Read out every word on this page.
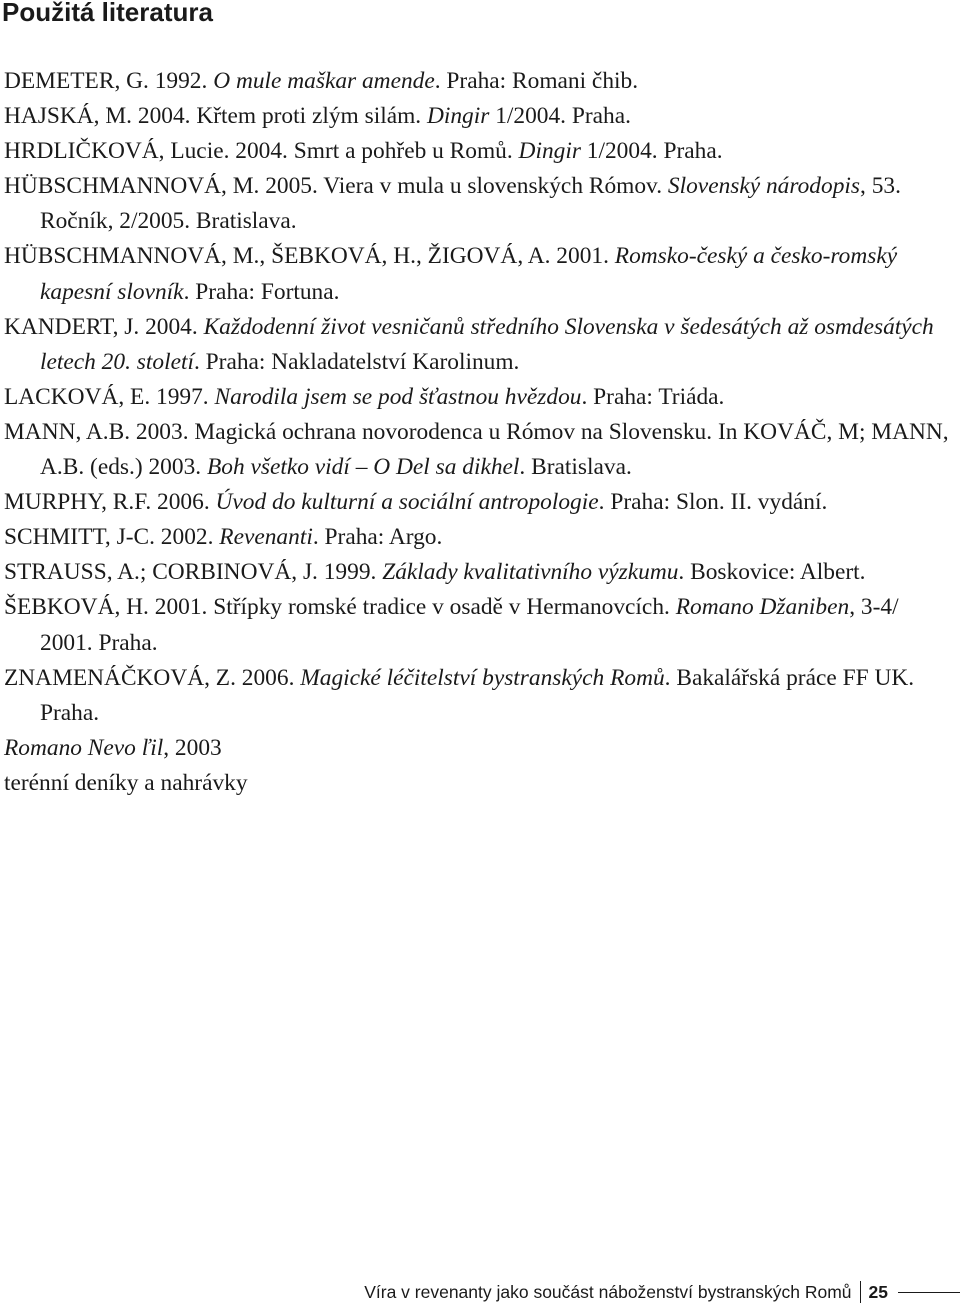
Použitá literatura

DEMETER, G. 1992. O mule maškar amende. Praha: Romani čhib.

HAJSKÁ, M. 2004. Křtem proti zlým silám. Dingir 1/2004. Praha.

HRDLIČKOVÁ, Lucie. 2004. Smrt a pohřeb u Romů. Dingir 1/2004. Praha.

HÜBSCHMANNOVÁ, M. 2005. Viera v mula u slovenských Rómov. Slovenský národopis, 53. Ročník, 2/2005. Bratislava.

HÜBSCHMANNOVÁ, M., ŠEBKOVÁ, H., ŽIGOVÁ, A. 2001. Romsko-český a česko-romský kapesní slovník. Praha: Fortuna.

KANDERT, J. 2004. Každodenní život vesničanů středního Slovenska v šedesátých až osmdesátých letech 20. století. Praha: Nakladatelství Karolinum.

LACKOVÁ, E. 1997. Narodila jsem se pod šťastnou hvězdou. Praha: Triáda.

MANN, A.B. 2003. Magická ochrana novorodenca u Rómov na Slovensku. In KOVÁČ, M; MANN, A.B. (eds.) 2003. Boh všetko vidí – O Del sa dikhel. Bratislava.

MURPHY, R.F. 2006. Úvod do kulturní a sociální antropologie. Praha: Slon. II. vydání.

SCHMITT, J-C. 2002. Revenanti. Praha: Argo.

STRAUSS, A.; CORBINOVÁ, J. 1999. Základy kvalitativního výzkumu. Boskovice: Albert.

ŠEBKOVÁ, H. 2001. Střípky romské tradice v osadě v Hermanovcích. Romano Džaniben, 3-4/ 2001. Praha.

ZNAMENÁČKOVÁ, Z. 2006. Magické léčitelství bystranských Romů. Bakalářská práce FF UK. Praha.

Romano Nevo ľil, 2003

terénní deníky a nahrávky

Víra v revenanty jako součást náboženství bystranských Romů 25
